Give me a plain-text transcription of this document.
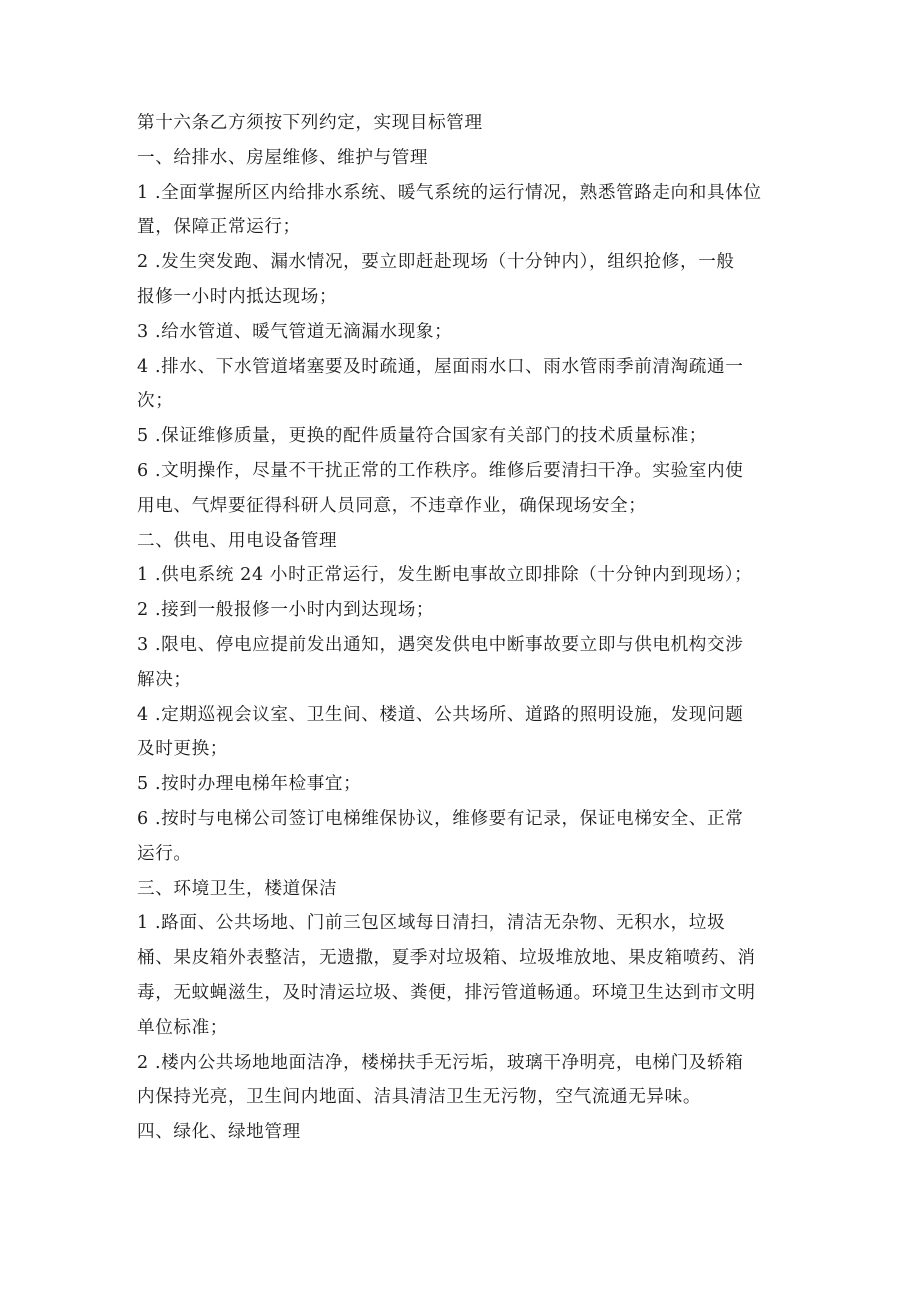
第十六条乙方须按下列约定，实现目标管理
一、给排水、房屋维修、维护与管理
1 .全面掌握所区内给排水系统、暖气系统的运行情况，熟悉管路走向和具体位
置，保障正常运行；
2 .发生突发跑、漏水情况，要立即赶赴现场（十分钟内），组织抢修，一般
报修一小时内抵达现场；
3 .给水管道、暖气管道无滴漏水现象；
4 .排水、下水管道堵塞要及时疏通，屋面雨水口、雨水管雨季前清淘疏通一
次；
5 .保证维修质量，更换的配件质量符合国家有关部门的技术质量标准；
6 .文明操作，尽量不干扰正常的工作秩序。维修后要清扫干净。实验室内使
用电、气焊要征得科研人员同意，不违章作业，确保现场安全；
二、供电、用电设备管理
1 .供电系统 24 小时正常运行，发生断电事故立即排除（十分钟内到现场）；
2 .接到一般报修一小时内到达现场；
3 .限电、停电应提前发出通知，遇突发供电中断事故要立即与供电机构交涉
解决；
4 .定期巡视会议室、卫生间、楼道、公共场所、道路的照明设施，发现问题
及时更换；
5 .按时办理电梯年检事宜；
6 .按时与电梯公司签订电梯维保协议，维修要有记录，保证电梯安全、正常
运行。
三、环境卫生，楼道保洁
1 .路面、公共场地、门前三包区域每日清扫，清洁无杂物、无积水，垃圾
桶、果皮箱外表整洁，无遗撒，夏季对垃圾箱、垃圾堆放地、果皮箱喷药、消
毒，无蚊蝇滋生，及时清运垃圾、粪便，排污管道畅通。环境卫生达到市文明
单位标准；
2 .楼内公共场地地面洁净，楼梯扶手无污垢，玻璃干净明亮，电梯门及轿箱
内保持光亮，卫生间内地面、洁具清洁卫生无污物，空气流通无异味。
四、绿化、绿地管理
